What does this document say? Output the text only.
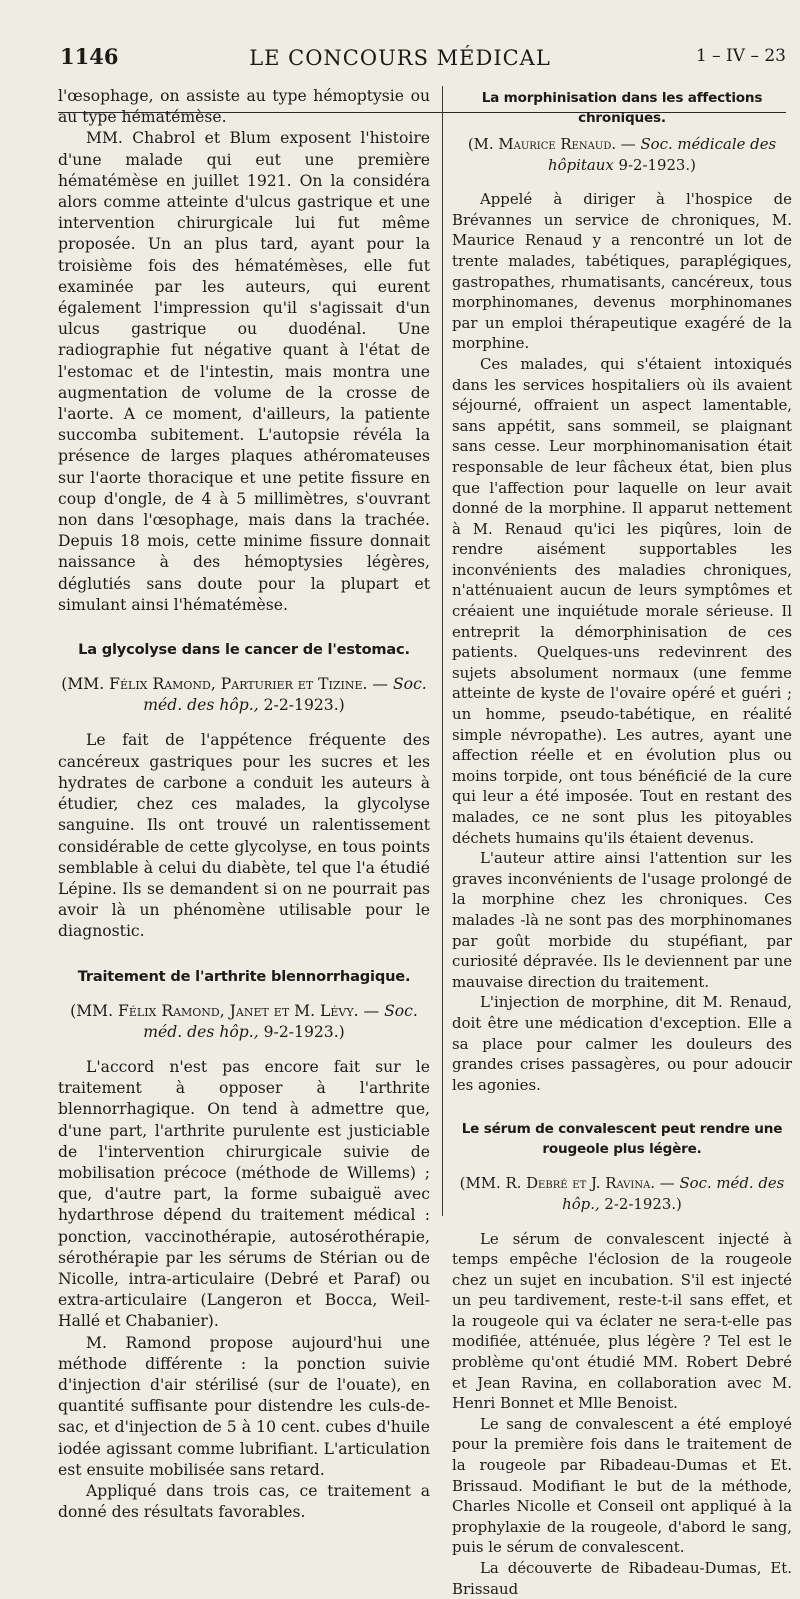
1146	LE CONCOURS MÉDICAL	1 – IV – 23

l'œsophage, on assiste au type hémoptysie ou au type hématémèse.

MM. Chabrol et Blum exposent l'histoire d'une malade qui eut une première hématémèse en juillet 1921. On la considéra alors comme atteinte d'ulcus gastrique et une intervention chirurgicale lui fut même proposée. Un an plus tard, ayant pour la troisième fois des hématémèses, elle fut examinée par les auteurs, qui eurent également l'impression qu'il s'agissait d'un ulcus gastrique ou duodénal. Une radiographie fut négative quant à l'état de l'estomac et de l'intestin, mais montra une augmentation de volume de la crosse de l'aorte. A ce moment, d'ailleurs, la patiente succomba subitement. L'autopsie révéla la présence de larges plaques athéromateuses sur l'aorte thoracique et une petite fissure en coup d'ongle, de 4 à 5 millimètres, s'ouvrant non dans l'œsophage, mais dans la trachée. Depuis 18 mois, cette minime fissure donnait naissance à des hémoptysies légères, déglutiés sans doute pour la plupart et simulant ainsi l'hématémèse.

La glycolyse dans le cancer de l'estomac.
(MM. Félix Ramond, Parturier et Tizine. — Soc. méd. des hôp., 2-2-1923.)

Le fait de l'appétence fréquente des cancéreux gastriques pour les sucres et les hydrates de carbone a conduit les auteurs à étudier, chez ces malades, la glycolyse sanguine. Ils ont trouvé un ralentissement considérable de cette glycolyse, en tous points semblable à celui du diabète, tel que l'a étudié Lépine. Ils se demandent si on ne pourrait pas avoir là un phénomène utilisable pour le diagnostic.

Traitement de l'arthrite blennorrhagique.
(MM. Félix Ramond, Janet et M. Lévy. — Soc. méd. des hôp., 9-2-1923.)

L'accord n'est pas encore fait sur le traitement à opposer à l'arthrite blennorrhagique. On tend à admettre que, d'une part, l'arthrite purulente est justiciable de l'intervention chirurgicale suivie de mobilisation précoce (méthode de Willems) ; que, d'autre part, la forme subaiguë avec hydarthrose dépend du traitement médical : ponction, vaccinothérapie, autosérothérapie, sérothérapie par les sérums de Stérian ou de Nicolle, intra-articulaire (Debré et Paraf) ou extra-articulaire (Langeron et Bocca, Weil-Hallé et Chabanier).

M. Ramond propose aujourd'hui une méthode différente : la ponction suivie d'injection d'air stérilisé (sur de l'ouate), en quantité suffisante pour distendre les culs-de-sac, et d'injection de 5 à 10 cent. cubes d'huile iodée agissant comme lubrifiant. L'articulation est ensuite mobilisée sans retard.

Appliqué dans trois cas, ce traitement a donné des résultats favorables.

La morphinisation dans les affections chroniques.
(M. Maurice Renaud. — Soc. médicale des hôpitaux 9-2-1923.)

Appelé à diriger à l'hospice de Brévannes un service de chroniques, M. Maurice Renaud y a rencontré un lot de trente malades, tabétiques, paraplégiques, gastropathes, rhumatisants, cancéreux, tous morphinomanes, devenus morphinomanes par un emploi thérapeutique exagéré de la morphine.

Ces malades, qui s'étaient intoxiqués dans les services hospitaliers où ils avaient séjourné, offraient un aspect lamentable, sans appétit, sans sommeil, se plaignant sans cesse. Leur morphinomanisation était responsable de leur fâcheux état, bien plus que l'affection pour laquelle on leur avait donné de la morphine. Il apparut nettement à M. Renaud qu'ici les piqûres, loin de rendre aisément supportables les inconvénients des maladies chroniques, n'atténuaient aucun de leurs symptômes et créaient une inquiétude morale sérieuse. Il entreprit la démorphinisation de ces patients. Quelques-uns redevinrent des sujets absolument normaux (une femme atteinte de kyste de l'ovaire opéré et guéri ; un homme, pseudo-tabétique, en réalité simple névropathe). Les autres, ayant une affection réelle et en évolution plus ou moins torpide, ont tous bénéficié de la cure qui leur a été imposée. Tout en restant des malades, ce ne sont plus les pitoyables déchets humains qu'ils étaient devenus.

L'auteur attire ainsi l'attention sur les graves inconvénients de l'usage prolongé de la morphine chez les chroniques. Ces malades -là ne sont pas des morphinomanes par goût morbide du stupéfiant, par curiosité dépravée. Ils le deviennent par une mauvaise direction du traitement.

L'injection de morphine, dit M. Renaud, doit être une médication d'exception. Elle a sa place pour calmer les douleurs des grandes crises passagères, ou pour adoucir les agonies.

Le sérum de convalescent peut rendre une rougeole plus légère.
(MM. R. Debré et J. Ravina. — Soc. méd. des hôp., 2-2-1923.)

Le sérum de convalescent injecté à temps empêche l'éclosion de la rougeole chez un sujet en incubation. S'il est injecté un peu tardivement, reste-t-il sans effet, et la rougeole qui va éclater ne sera-t-elle pas modifiée, atténuée, plus légère ? Tel est le problème qu'ont étudié MM. Robert Debré et Jean Ravina, en collaboration avec M. Henri Bonnet et Mlle Benoist.

Le sang de convalescent a été employé pour la première fois dans le traitement de la rougeole par Ribadeau-Dumas et Et. Brissaud. Modifiant le but de la méthode, Charles Nicolle et Conseil ont appliqué à la prophylaxie de la rougeole, d'abord le sang, puis le sérum de convalescent.

La découverte de Ribadeau-Dumas, Et. Brissaud
